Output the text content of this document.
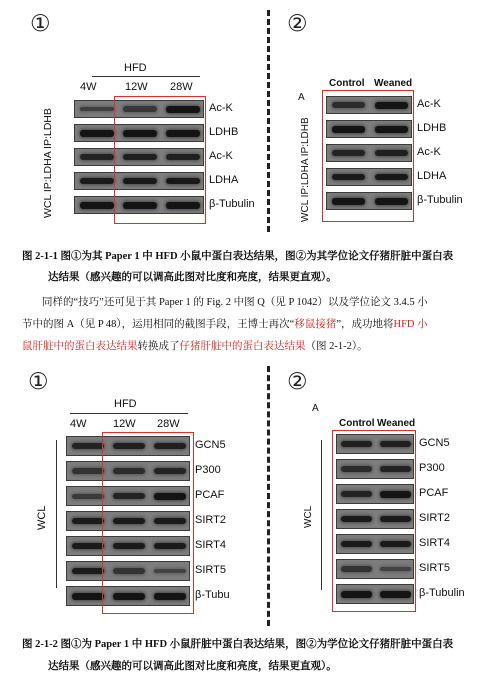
①	②
HFD
4W	12W 28W
WCL IP:LDHA IP:LDHB
Ac-K
LDHB
Ac-K
LDHA
β-Tubulin
A
Control Weaned
WCL IP:LDHA IP:LDHB
Ac-K
LDHB
Ac-K
LDHA
β-Tubulin
图 2-1-1 图①为其 Paper 1 中 HFD 小鼠中蛋白表达结果，图②为其学位论文仔猪肝脏中蛋白表
达结果（感兴趣的可以调高此图对比度和亮度，结果更直观）。
同样的“技巧”还可见于其 Paper 1 的 Fig. 2 中图 Q（见 P 1042）以及学位论文 3.4.5 小
节中的图 A（见 P 48），运用相同的截图手段，王博士再次“移鼠接猪”，成功地将HFD 小
鼠肝脏中的蛋白表达结果转换成了仔猪肝脏中的蛋白表达结果（图 2-1-2）。
①	②
HFD
4W 12W 28W
WCL
GCN5
P300
PCAF
SIRT2
SIRT4
SIRT5
β-Tubu
A
Control Weaned
WCL
GCN5
P300
PCAF
SIRT2
SIRT4
SIRT5
β-Tubulin
图 2-1-2 图①为 Paper 1 中 HFD 小鼠肝脏中蛋白表达结果，图②为学位论文仔猪肝脏中蛋白表
达结果（感兴趣的可以调高此图对比度和亮度，结果更直观）。
